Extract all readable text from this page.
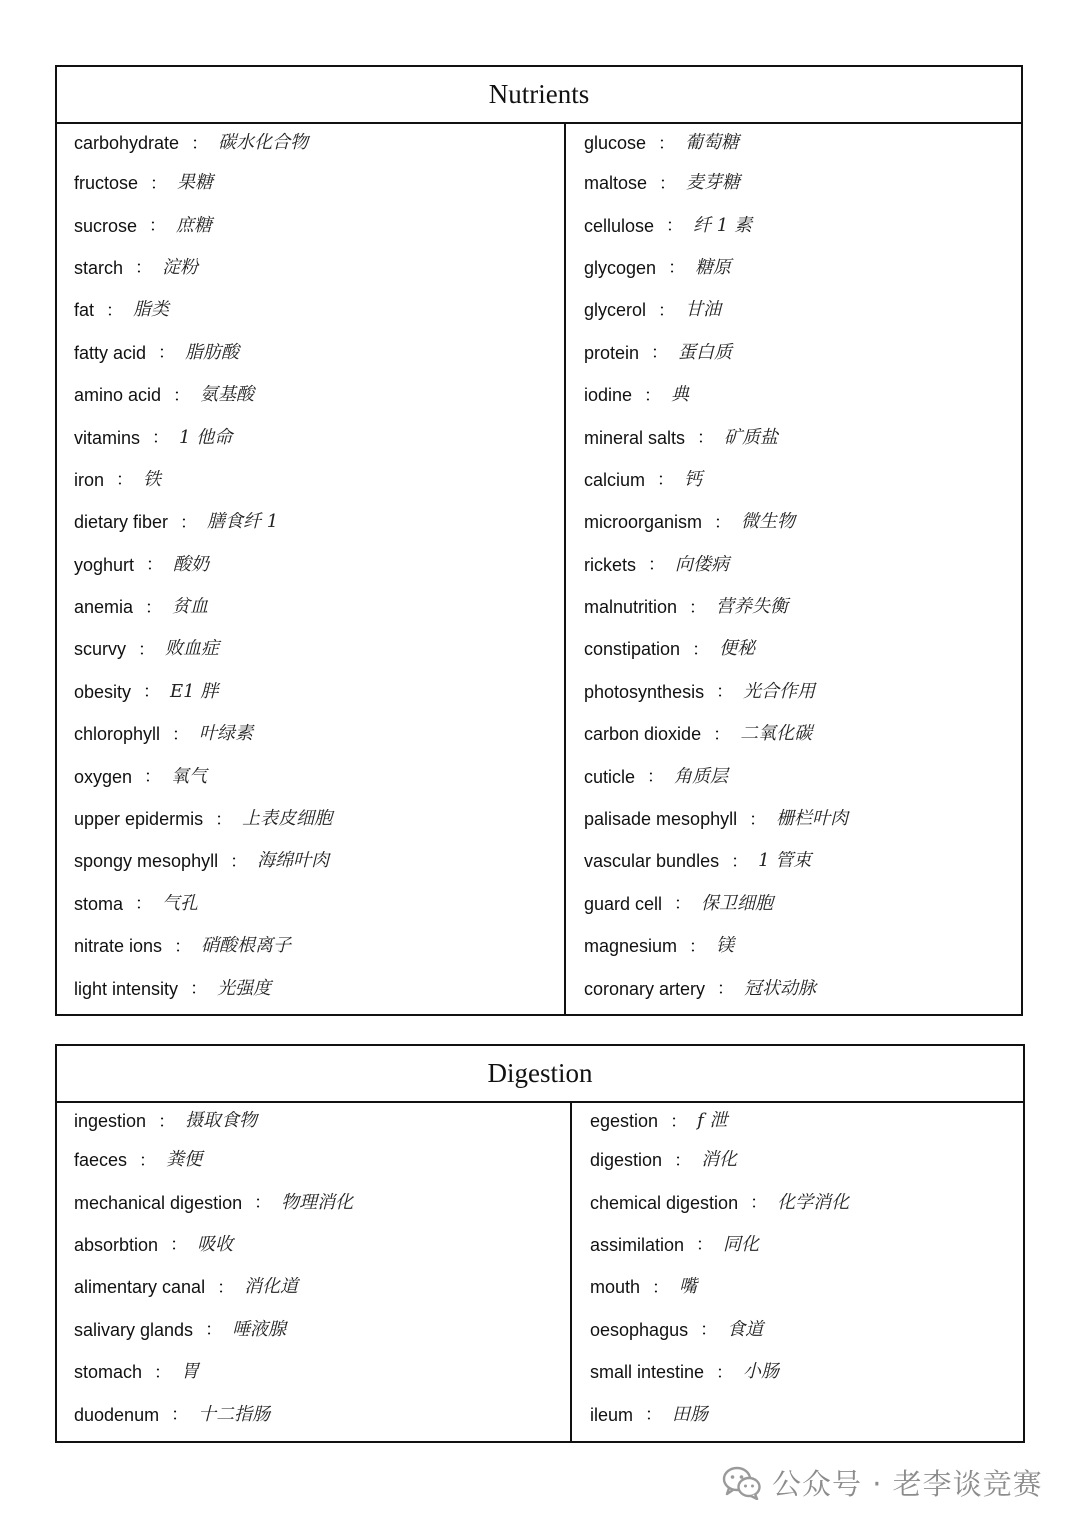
Nutrients
carbohydrate ： 碳水化合物
fructose ： 果糖
sucrose ： 庶糖
starch ： 淀粉
fat ： 脂类
fatty acid ： 脂肪酸
amino acid ： 氨基酸
vitamins ： 1 他命
iron ： 铁
dietary fiber ： 膳食纤 1
yoghurt ： 酸奶
anemia ： 贫血
scurvy ： 败血症
obesity ： E1 胖
chlorophyll ： 叶绿素
oxygen ： 氧气
upper epidermis ： 上表皮细胞
spongy mesophyll ： 海绵叶肉
stoma ： 气孔
nitrate ions ： 硝酸根离子
light intensity ： 光强度
glucose ： 葡萄糖
maltose ： 麦芽糖
cellulose ： 纤 1 素
glycogen ： 糖原
glycerol ： 甘油
protein ： 蛋白质
iodine ： 典
mineral salts ： 矿质盐
calcium ： 钙
microorganism ： 微生物
rickets ： 向偻病
malnutrition ： 营养失衡
constipation ： 便秘
photosynthesis ： 光合作用
carbon dioxide ： 二氧化碳
cuticle ： 角质层
palisade mesophyll ： 栅栏叶肉
vascular bundles ： 1 管束
guard cell ： 保卫细胞
magnesium ： 镁
coronary artery ： 冠状动脉
Digestion
ingestion ： 摄取食物
faeces ： 粪便
mechanical digestion ： 物理消化
absorbtion ： 吸收
alimentary canal ： 消化道
salivary glands ： 唾液腺
stomach ： 胃
duodenum ： 十二指肠
egestion ： f 泄
digestion ： 消化
chemical digestion ： 化学消化
assimilation ： 同化
mouth ： 嘴
oesophagus ： 食道
small intestine ： 小肠
ileum ： 田肠
公众号 · 老李谈竞赛
